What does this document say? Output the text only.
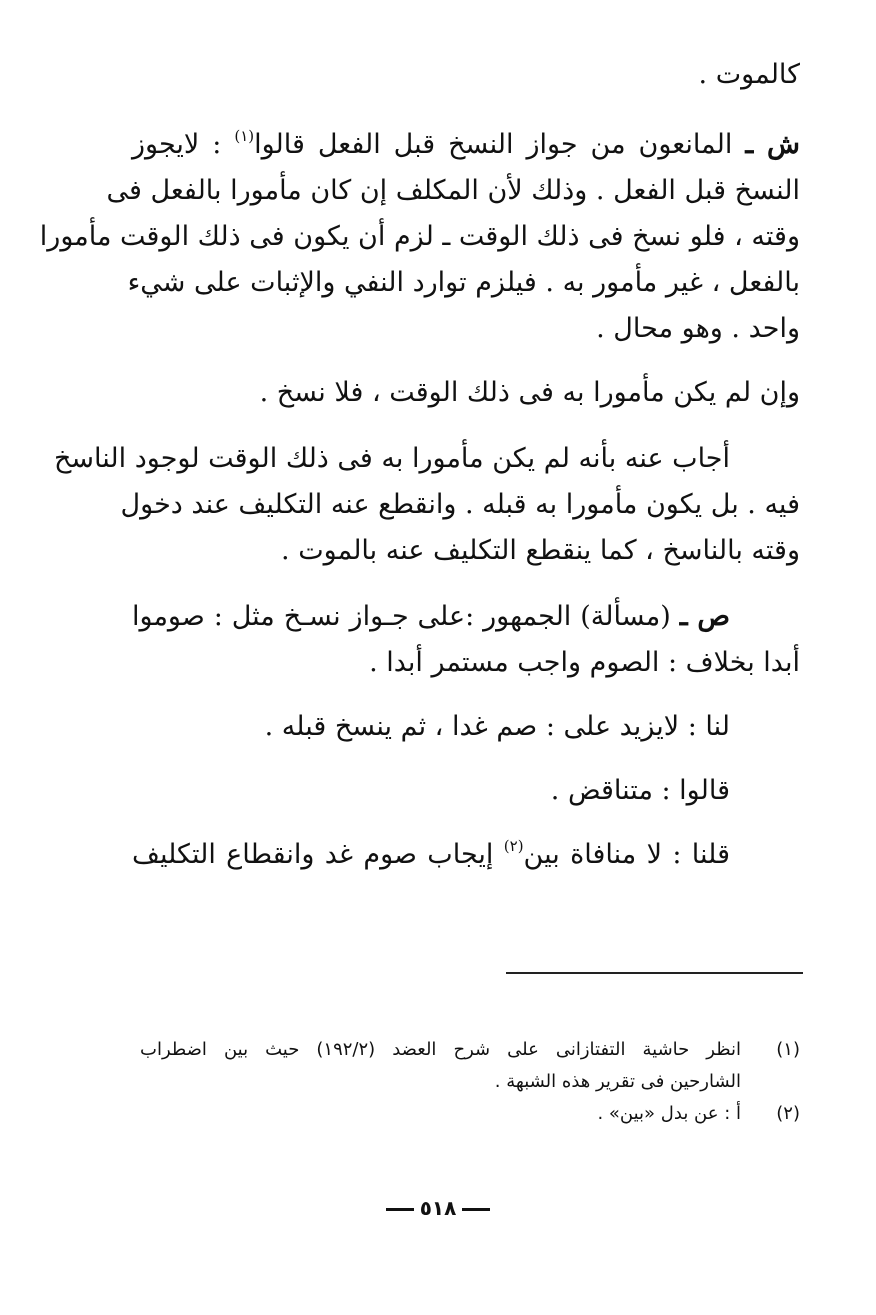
كالموت .
ش ـ المانعون من جواز النسخ قبل الفعل قالوا$^{(١)}$ : لايجوز
النسخ قبل الفعل . وذلك لأن المكلف إن كان مأمورا بالفعل فى
وقته ، فلو نسخ فى ذلك الوقت ـ لزم أن يكون فى ذلك الوقت مأمورا
بالفعل ، غير مأمور به . فيلزم توارد النفي والإثبات على شيء
واحد . وهو محال .
وإن لم يكن مأمورا به فى ذلك الوقت ، فلا نسخ .
أجاب عنه بأنه لم يكن مأمورا به فى ذلك الوقت لوجود الناسخ
فيه . بل يكون مأمورا به قبله . وانقطع عنه التكليف عند دخول
وقته بالناسخ ، كما ينقطع التكليف عنه بالموت .
ص ـ (مسألة) الجمهور :على جـواز نسـخ مثل : صوموا
أبدا بخلاف : الصوم واجب مستمر أبدا .
لنا : لايزيد على : صم غدا ، ثم ينسخ قبله .
قالوا : متناقض .
قلنا : لا منافاة بين$^{(٢)}$ إيجاب صوم غد وانقطاع التكليف
(١)
انظر حاشية التفتازانى على شرح العضد (١٩٢/٢) حيث بين اضطراب
الشارحين فى تقرير هذه الشبهة .
(٢)
أ : عن بدل «بين» .
٥١٨
